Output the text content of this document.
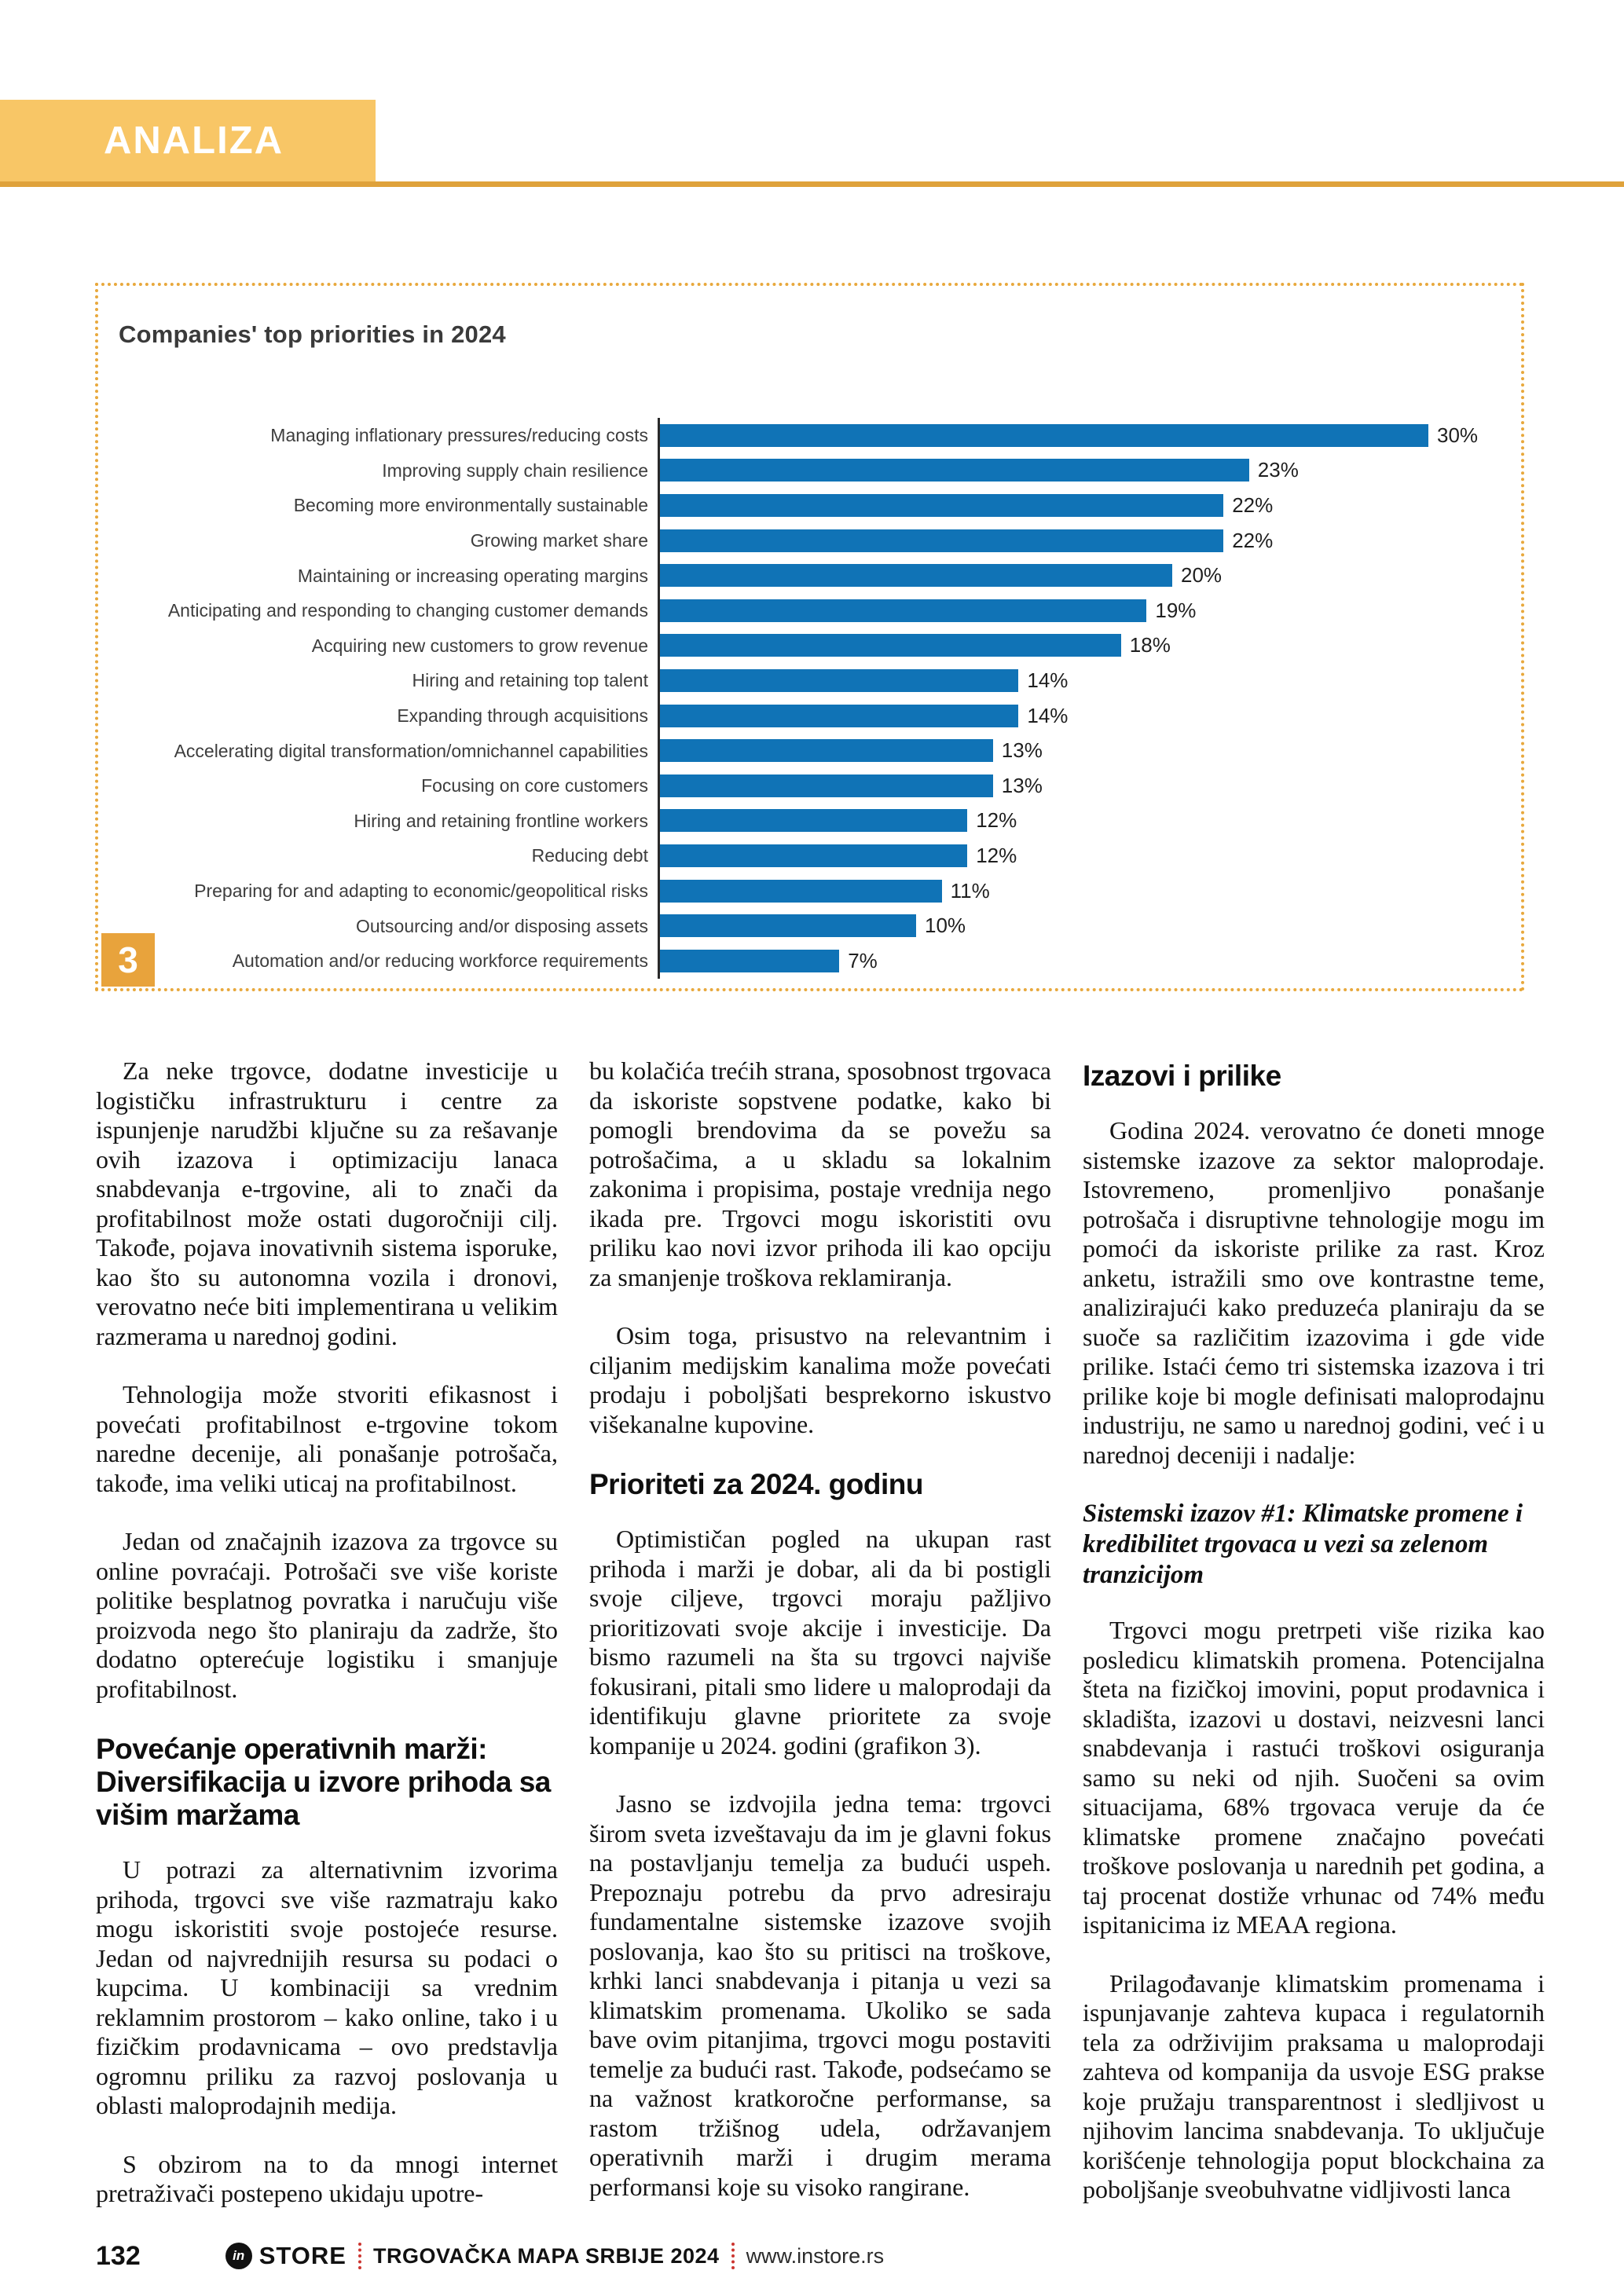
ANALIZA
Companies' top priorities in 2024
Managing inflationary pressures/reducing costs	30%
Improving supply chain resilience	23%
Becoming more environmentally sustainable	22%
Growing market share	22%
Maintaining or increasing operating margins	20%
Anticipating and responding to changing customer demands	19%
Acquiring new customers to grow revenue	18%
Hiring and retaining top talent	14%
Expanding through acquisitions	14%
Accelerating digital transformation/omnichannel capabilities	13%
Focusing on core customers	13%
Hiring and retaining frontline workers	12%
Reducing debt	12%
Preparing for and adapting to economic/geopolitical risks	11%
Outsourcing and/or disposing assets	10%
Automation and/or reducing workforce requirements	7%
3

Za neke trgovce, dodatne investicije u logističku infrastrukturu i centre za ispunjenje narudžbi ključne su za rešavanje ovih izazova i optimizaciju lanaca snabdevanja e-trgovine, ali to znači da profitabilnost može ostati dugoročniji cilj. Takođe, pojava inovativnih sistema isporuke, kao što su autonomna vozila i dronovi, verovatno neće biti implementirana u velikim razmerama u narednoj godini.

Tehnologija može stvoriti efikasnost i povećati profitabilnost e-trgovine tokom naredne decenije, ali ponašanje potrošača, takođe, ima veliki uticaj na profitabilnost.

Jedan od značajnih izazova za trgovce su online povraćaji. Potrošači sve više koriste politike besplatnog povratka i naručuju više proizvoda nego što planiraju da zadrže, što dodatno opterećuje logistiku i smanjuje profitabilnost.

Povećanje operativnih marži: Diversifikacija u izvore prihoda sa višim maržama

U potrazi za alternativnim izvorima prihoda, trgovci sve više razmatraju kako mogu iskoristiti svoje postojeće resurse. Jedan od najvrednijih resursa su podaci o kupcima. U kombinaciji sa vrednim reklamnim prostorom – kako online, tako i u fizičkim prodavnicama – ovo predstavlja ogromnu priliku za razvoj poslovanja u oblasti maloprodajnih medija.

S obzirom na to da mnogi internet pretraživači postepeno ukidaju upotre-

bu kolačića trećih strana, sposobnost trgovaca da iskoriste sopstvene podatke, kako bi pomogli brendovima da se povežu sa potrošačima, a u skladu sa lokalnim zakonima i propisima, postaje vrednija nego ikada pre. Trgovci mogu iskoristiti ovu priliku kao novi izvor prihoda ili kao opciju za smanjenje troškova reklamiranja.

Osim toga, prisustvo na relevantnim i ciljanim medijskim kanalima može povećati prodaju i poboljšati besprekorno iskustvo višekanalne kupovine.

Prioriteti za 2024. godinu

Optimističan pogled na ukupan rast prihoda i marži je dobar, ali da bi postigli svoje ciljeve, trgovci moraju pažljivo prioritizovati svoje akcije i investicije. Da bismo razumeli na šta su trgovci najviše fokusirani, pitali smo lidere u maloprodaji da identifikuju glavne prioritete za svoje kompanije u 2024. godini (grafikon 3).

Jasno se izdvojila jedna tema: trgovci širom sveta izveštavaju da im je glavni fokus na postavljanju temelja za budući uspeh. Prepoznaju potrebu da prvo adresiraju fundamentalne sistemske izazove svojih poslovanja, kao što su pritisci na troškove, krhki lanci snabdevanja i pitanja u vezi sa klimatskim promenama. Ukoliko se sada bave ovim pitanjima, trgovci mogu postaviti temelje za budući rast. Takođe, podsećamo se na važnost kratkoročne performanse, sa rastom tržišnog udela, održavanjem operativnih marži i drugim merama performansi koje su visoko rangirane.

Izazovi i prilike

Godina 2024. verovatno će doneti mnoge sistemske izazove za sektor maloprodaje. Istovremeno, promenljivo ponašanje potrošača i disruptivne tehnologije mogu im pomoći da iskoriste prilike za rast. Kroz anketu, istražili smo ove kontrastne teme, analizirajući kako preduzeća planiraju da se suoče sa različitim izazovima i gde vide prilike. Istaći ćemo tri sistemska izazova i tri prilike koje bi mogle definisati maloprodajnu industriju, ne samo u narednoj godini, već i u narednoj deceniji i nadalje:

Sistemski izazov #1: Klimatske promene i kredibilitet trgovaca u vezi sa zelenom tranzicijom

Trgovci mogu pretrpeti više rizika kao posledicu klimatskih promena. Potencijalna šteta na fizičkoj imovini, poput prodavnica i skladišta, izazovi u dostavi, neizvesni lanci snabdevanja i rastući troškovi osiguranja samo su neki od njih. Suočeni sa ovim situacijama, 68% trgovaca veruje da će klimatske promene značajno povećati troškove poslovanja u narednih pet godina, a taj procenat dostiže vrhunac od 74% među ispitanicima iz MEAA regiona.

Prilagođavanje klimatskim promenama i ispunjavanje zahteva kupaca i regulatornih tela za održivijim praksama u maloprodaji zahteva od kompanija da usvoje ESG prakse koje pružaju transparentnost i sledljivost u njihovim lancima snabdevanja. To uključuje korišćenje tehnologija poput blockchaina za poboljšanje sveobuhvatne vidljivosti lanca

132	in STORE TRGOVAČKA MAPA SRBIJE 2024 www.instore.rs
